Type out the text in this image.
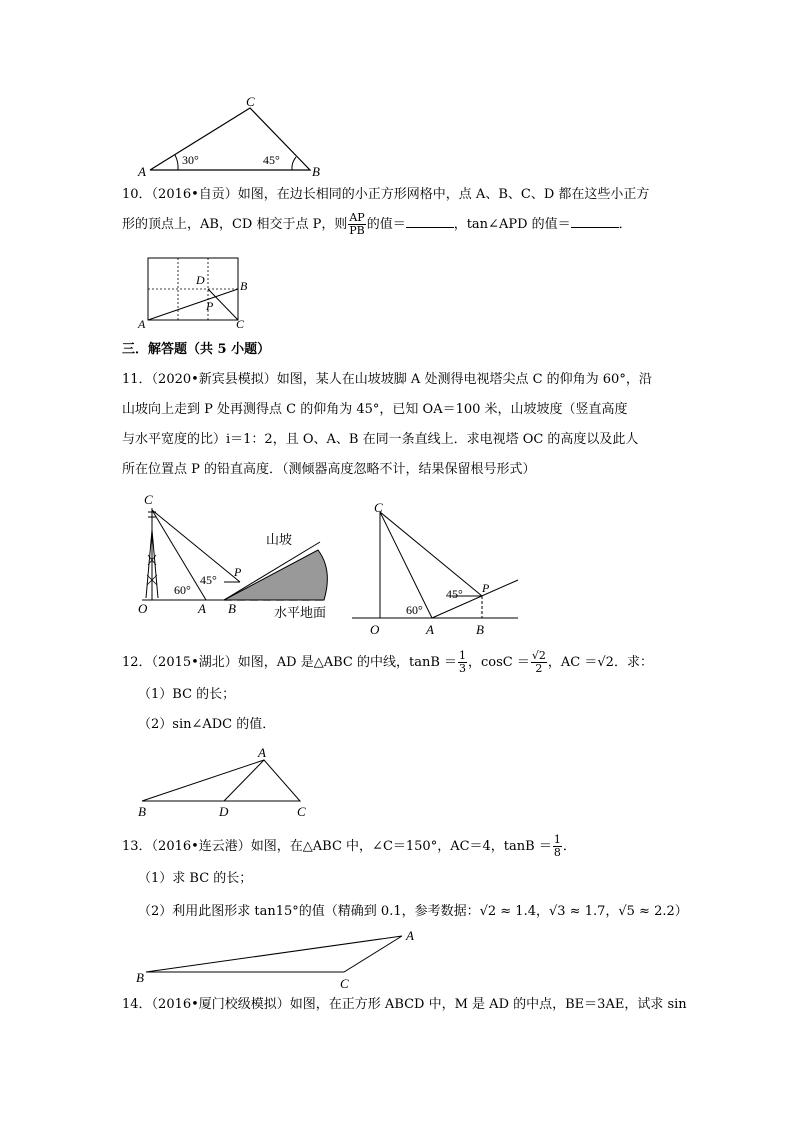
C
A	B
30°	45°
10．（2016•自贡）如图，在边长相同的小正方形网格中，点 A、B、C、D 都在这些小正方
形的顶点上，AB，CD 相交于点 P，则 $\frac{AP}{PB}$ 的值＝	，tan∠APD 的值＝	．
D
P
B
A	C
三．解答题（共 5 小题）
11．（2020•新宾县模拟）如图，某人在山坡坡脚 A 处测得电视塔尖点 C 的仰角为 60°，沿
山坡向上走到 P 处再测得点 C 的仰角为 45°，已知 OA＝100 米，山坡坡度（竖直高度
与水平宽度的比）i＝1：2，且 O、A、B 在同一条直线上．求电视塔 OC 的高度以及此人
所在位置点 P 的铅直高度．（测倾器高度忽略不计，结果保留根号形式）
C
O	A B
P
60°
45°
山坡
水平地面
C
O	A	B
P
60°
45°
12．（2015•湖北）如图，AD 是△ABC 的中线，$\tan B = \frac{1}{3}$ ，$\cos C = \frac{√2}{2}$ ，AC ＝√2．求：
（1）BC 的长；
（2）sin∠ADC 的值．
A
B	D	C
13．（2016•连云港）如图，在△ABC 中，∠C＝150°，AC＝4，$\tan B = \frac{1}{8}$ ．
（1）求 BC 的长；
（2）利用此图形求 tan15°的值（精确到 0.1，参考数据：√2 ≈ 1.4，√3 ≈ 1.7，√5 ≈ 2.2）
A
B	C
14．（2016•厦门校级模拟）如图，在正方形 ABCD 中，M 是 AD 的中点，BE＝3AE，试求 sin
